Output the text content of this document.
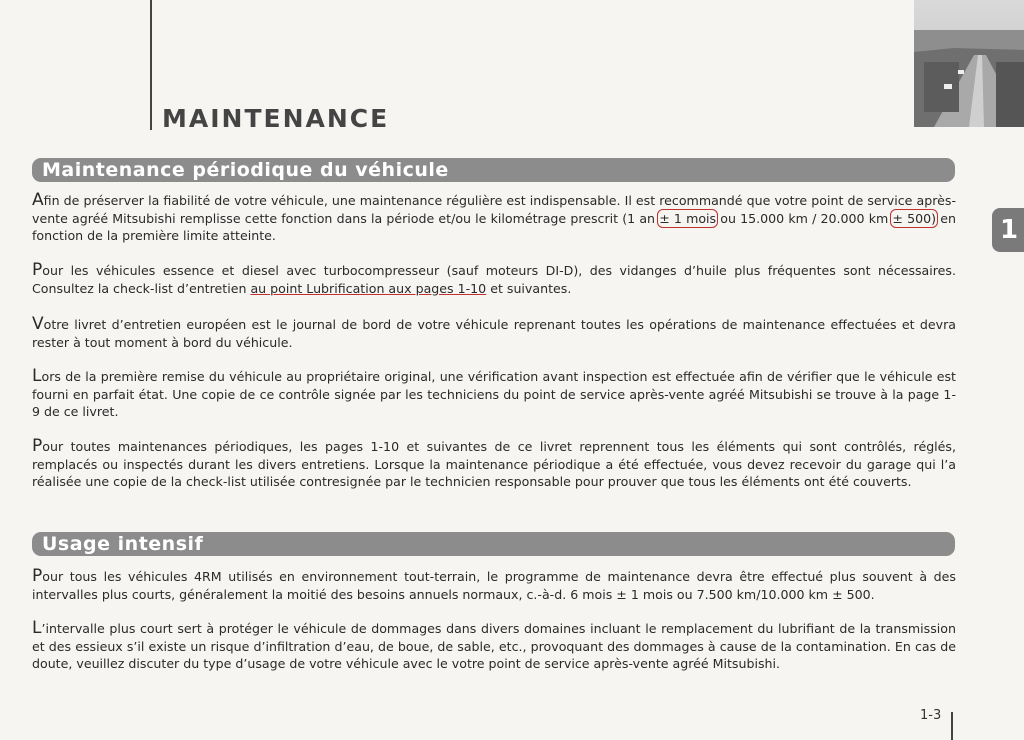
MAINTENANCE
1
Maintenance périodique du véhicule

Afin de préserver la fiabilité de votre véhicule, une maintenance régulière est indispensable. Il est recommandé que votre point de service après-vente agréé Mitsubishi remplisse cette fonction dans la période et/ou le kilométrage prescrit (1 an ± 1 mois ou 15.000 km / 20.000 km ± 500) en fonction de la première limite atteinte.

Pour les véhicules essence et diesel avec turbocompresseur (sauf moteurs DI-D), des vidanges d’huile plus fréquentes sont nécessaires. Consultez la check-list d’entretien au point Lubrification aux pages 1-10 et suivantes.

Votre livret d’entretien européen est le journal de bord de votre véhicule reprenant toutes les opérations de maintenance effectuées et devra rester à tout moment à bord du véhicule.

Lors de la première remise du véhicule au propriétaire original, une vérification avant inspection est effectuée afin de vérifier que le véhicule est fourni en parfait état. Une copie de ce contrôle signée par les techniciens du point de service après-vente agréé Mitsubishi se trouve à la page 1-9 de ce livret.

Pour toutes maintenances périodiques, les pages 1-10 et suivantes de ce livret reprennent tous les éléments qui sont contrôlés, réglés, remplacés ou inspectés durant les divers entretiens. Lorsque la maintenance périodique a été effectuée, vous devez recevoir du garage qui l’a réalisée une copie de la check-list utilisée contresignée par le technicien responsable pour prouver que tous les éléments ont été couverts.

Usage intensif

Pour tous les véhicules 4RM utilisés en environnement tout-terrain, le programme de maintenance devra être effectué plus souvent à des intervalles plus courts, généralement la moitié des besoins annuels normaux, c.-à-d. 6 mois ± 1 mois ou 7.500 km/10.000 km ± 500.

L’intervalle plus court sert à protéger le véhicule de dommages dans divers domaines incluant le remplacement du lubrifiant de la transmission et des essieux s’il existe un risque d’infiltration d’eau, de boue, de sable, etc., provoquant des dommages à cause de la contamination. En cas de doute, veuillez discuter du type d’usage de votre véhicule avec le votre point de service après-vente agréé Mitsubishi.

1-3
